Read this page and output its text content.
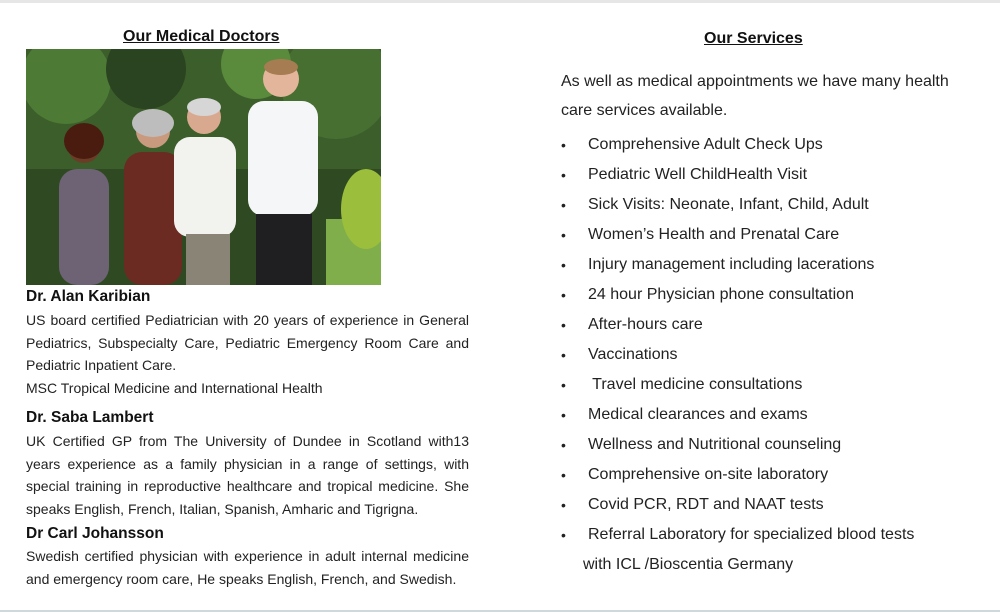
Our Medical Doctors
Dr. Alan Karibian
US board certified Pediatrician with 20 years of experience in General Pediatrics, Subspecialty Care, Pediatric Emergency Room Care and Pediatric Inpatient Care.
MSC Tropical Medicine and International Health
Dr. Saba Lambert
UK Certified GP from The University of Dundee in Scotland with13 years experience as a family physician in a range of settings, with special training in reproductive healthcare and tropical medicine. She speaks English, French, Italian, Spanish, Amharic and Tigrigna.
Dr Carl Johansson
Swedish certified physician with experience in adult internal medicine and emergency room care, He speaks English, French, and Swedish.
Our Services
As well as medical appointments we have many health care services available.
• Comprehensive Adult Check Ups
• Pediatric Well ChildHealth Visit
• Sick Visits: Neonate, Infant, Child, Adult
• Women’s Health and Prenatal Care
• Injury management including lacerations
• 24 hour Physician phone consultation
• After-hours care
• Vaccinations
• Travel medicine consultations
• Medical clearances and exams
• Wellness and Nutritional counseling
• Comprehensive on-site laboratory
• Covid PCR, RDT and NAAT tests
• Referral Laboratory for specialized blood tests
with ICL /Bioscentia Germany
